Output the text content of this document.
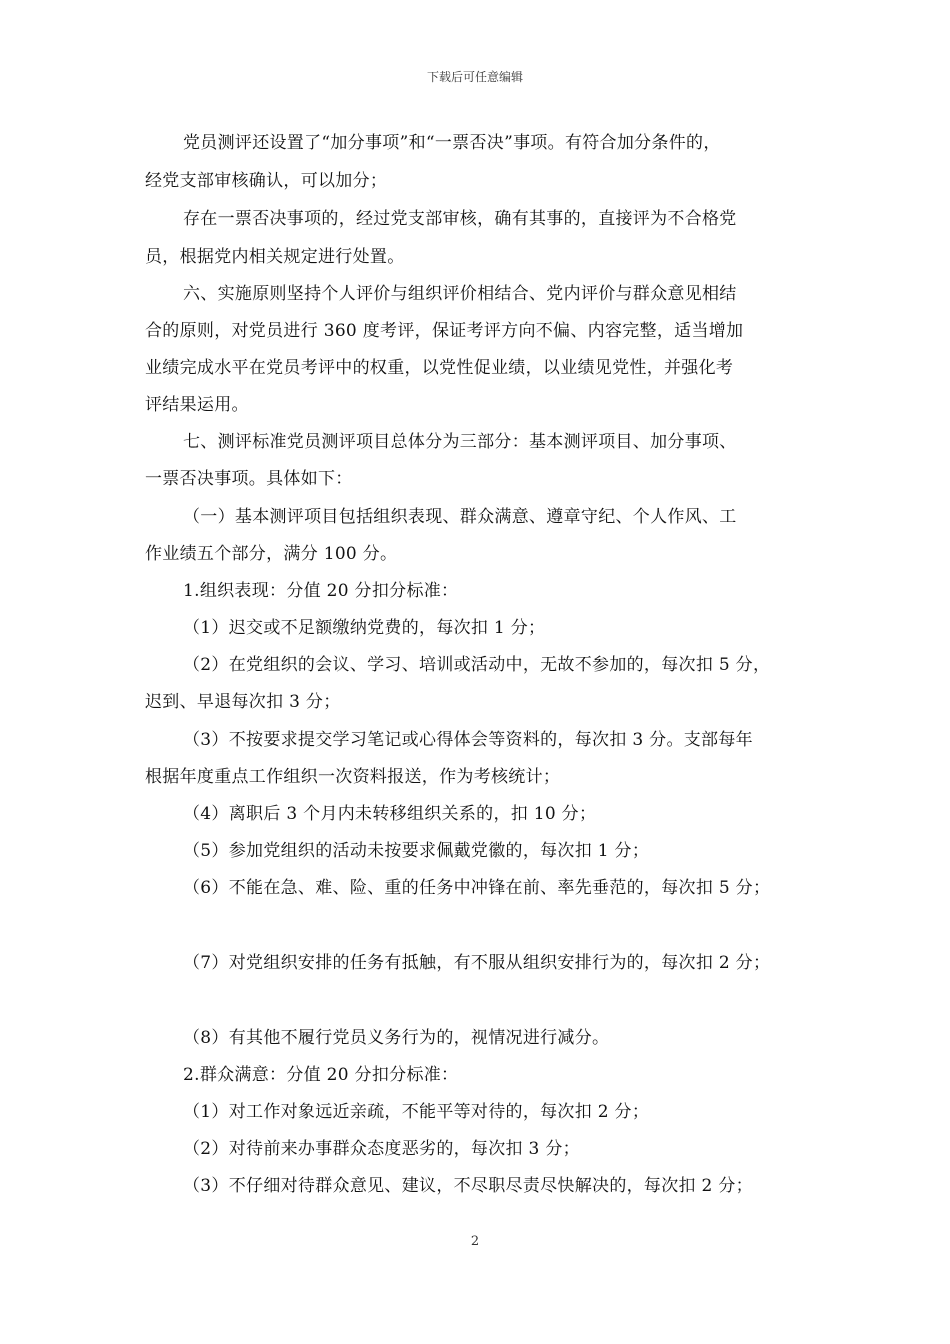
下载后可任意编辑
党员测评还设置了“加分事项”和“一票否决”事项。有符合加分条件的，
经党支部审核确认，可以加分；
存在一票否决事项的，经过党支部审核，确有其事的，直接评为不合格党
员，根据党内相关规定进行处置。
六、实施原则坚持个人评价与组织评价相结合、党内评价与群众意见相结
合的原则，对党员进行 360 度考评，保证考评方向不偏、内容完整，适当增加
业绩完成水平在党员考评中的权重，以党性促业绩，以业绩见党性，并强化考
评结果运用。
七、测评标准党员测评项目总体分为三部分：基本测评项目、加分事项、
一票否决事项。具体如下：
（一）基本测评项目包括组织表现、群众满意、遵章守纪、个人作风、工
作业绩五个部分，满分 100 分。
1.组织表现：分值 20 分扣分标准：
（1）迟交或不足额缴纳党费的，每次扣 1 分；
（2）在党组织的会议、学习、培训或活动中，无故不参加的，每次扣 5 分，
迟到、早退每次扣 3 分；
（3）不按要求提交学习笔记或心得体会等资料的，每次扣 3 分。支部每年
根据年度重点工作组织一次资料报送，作为考核统计；
（4）离职后 3 个月内未转移组织关系的，扣 10 分；
（5）参加党组织的活动未按要求佩戴党徽的，每次扣 1 分；
（6）不能在急、难、险、重的任务中冲锋在前、率先垂范的，每次扣 5 分；
（7）对党组织安排的任务有抵触，有不服从组织安排行为的，每次扣 2 分；
（8）有其他不履行党员义务行为的，视情况进行减分。
2.群众满意：分值 20 分扣分标准：
（1）对工作对象远近亲疏，不能平等对待的，每次扣 2 分；
（2）对待前来办事群众态度恶劣的，每次扣 3 分；
（3）不仔细对待群众意见、建议，不尽职尽责尽快解决的，每次扣 2 分；
2
